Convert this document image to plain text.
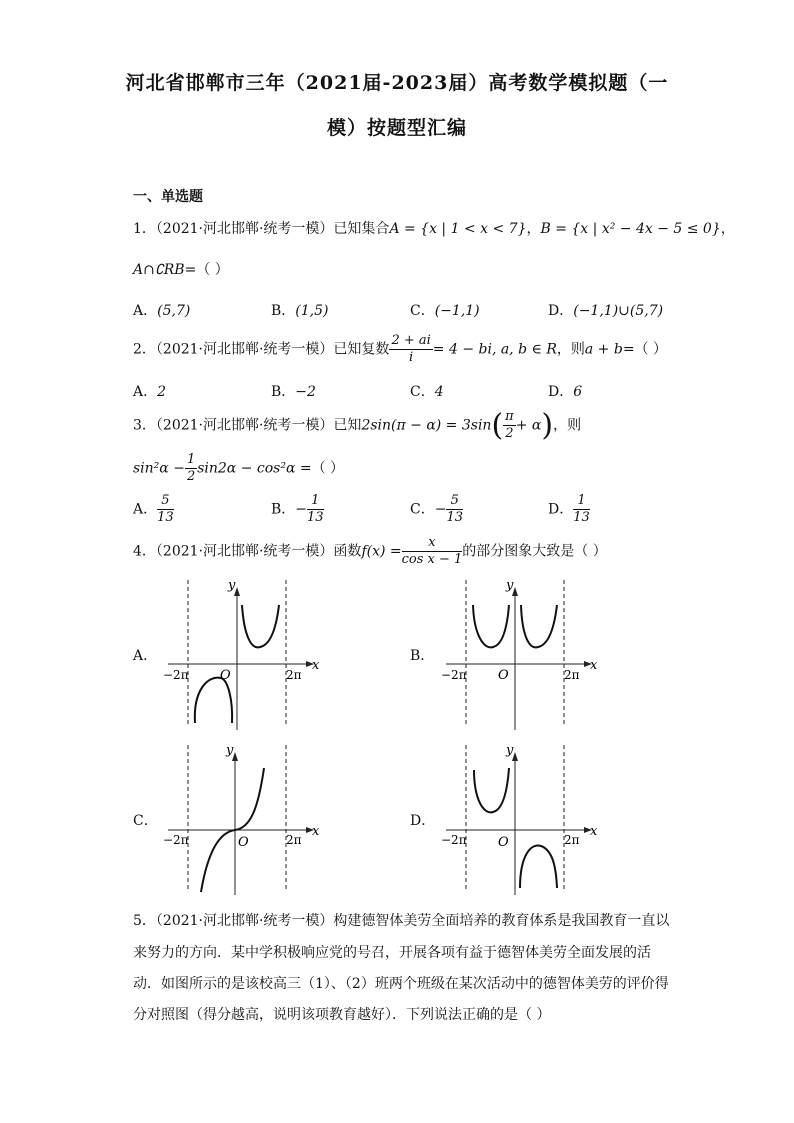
河北省邯郸市三年（2021届-2023届）高考数学模拟题（一
模）按题型汇编
一、单选题
1．（2021·河北邯郸·统考一模）已知集合A = {x | 1 < x < 7}，B = {x | x² − 4x − 5 ≤ 0}，
A∩∁RB=（ ）
A．(5,7)	B．(1,5)	C．(−1,1)	D．(−1,1)∪(5,7)
2．（2021·河北邯郸·统考一模）已知复数 $\frac{2 + ai}{i} = 4$ − bi, a, b ∈ R，则a + b=（ ）
A．2	B．−2	C．4	D．6
3．（2021·河北邯郸·统考一模）已知$2\sin(\pi - \alpha) = 3\sin( \frac{\pi}{2} + \alpha)$，则
$\sin^2\alpha - \frac{1}{2} \sin 2\alpha - \cos^2\alpha$ =（ ）
A． $\frac{5}{13}$	B．− $\frac{1}{13}$	C．− $\frac{5}{13}$	D． $\frac{1}{13}$
4．（2021·河北邯郸·统考一模）函数$f(x) = \frac{x}{\text{cos x − 1}}$ 的部分图象大致是（ ）
A．	B．
C．	D．
y
x
O
−2π	2π
y
x
O
−2π	2π
y
x
O
−2π	2π
y
x
O
−2π	2π
5．（2021·河北邯郸·统考一模）构建德智体美劳全面培养的教育体系是我国教育一直以
来努力的方向．某中学积极响应党的号召，开展各项有益于德智体美劳全面发展的活
动．如图所示的是该校高三（1）、（2）班两个班级在某次活动中的德智体美劳的评价得
分对照图（得分越高，说明该项教育越好）．下列说法正确的是（ ）
